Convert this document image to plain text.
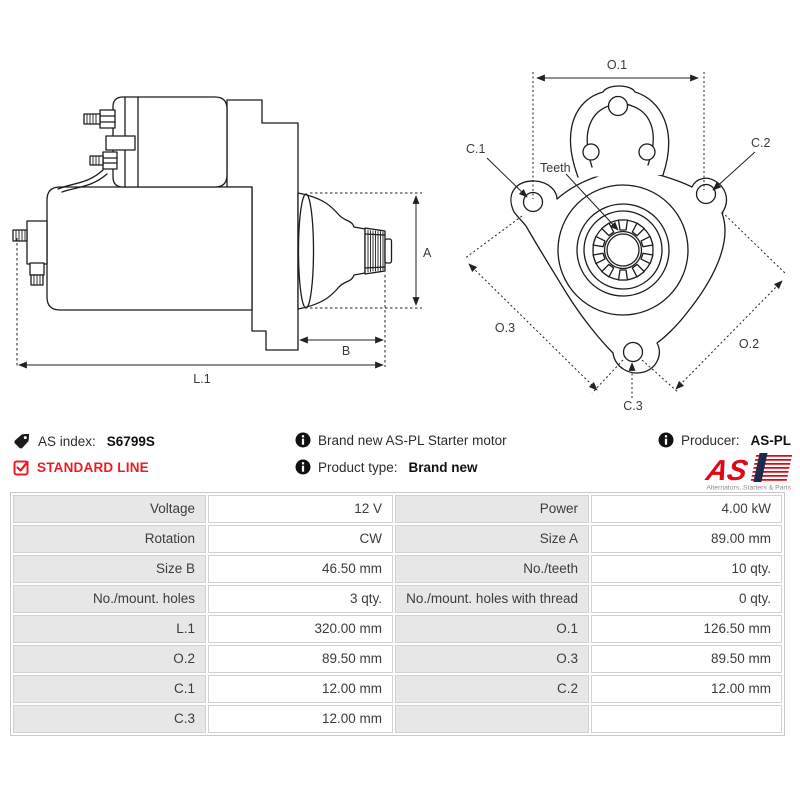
A
B
L.1
O.1
C.1	C.2
Teeth
O.3
O.2
C.3
AS index: S6799S
STANDARD LINE
Brand new AS-PL Starter motor
Product type: Brand new
Producer: AS-PL
AS
Alternators, Starters & Parts
Voltage	12 V	Power	4.00 kW
Rotation	CW	Size A	89.00 mm
Size B	46.50 mm	No./teeth	10 qty.
No./mount. holes	3 qty.	No./mount. holes with thread	0 qty.
L.1	320.00 mm	O.1	126.50 mm
O.2	89.50 mm	O.3	89.50 mm
C.1	12.00 mm	C.2	12.00 mm
C.3	12.00 mm		
